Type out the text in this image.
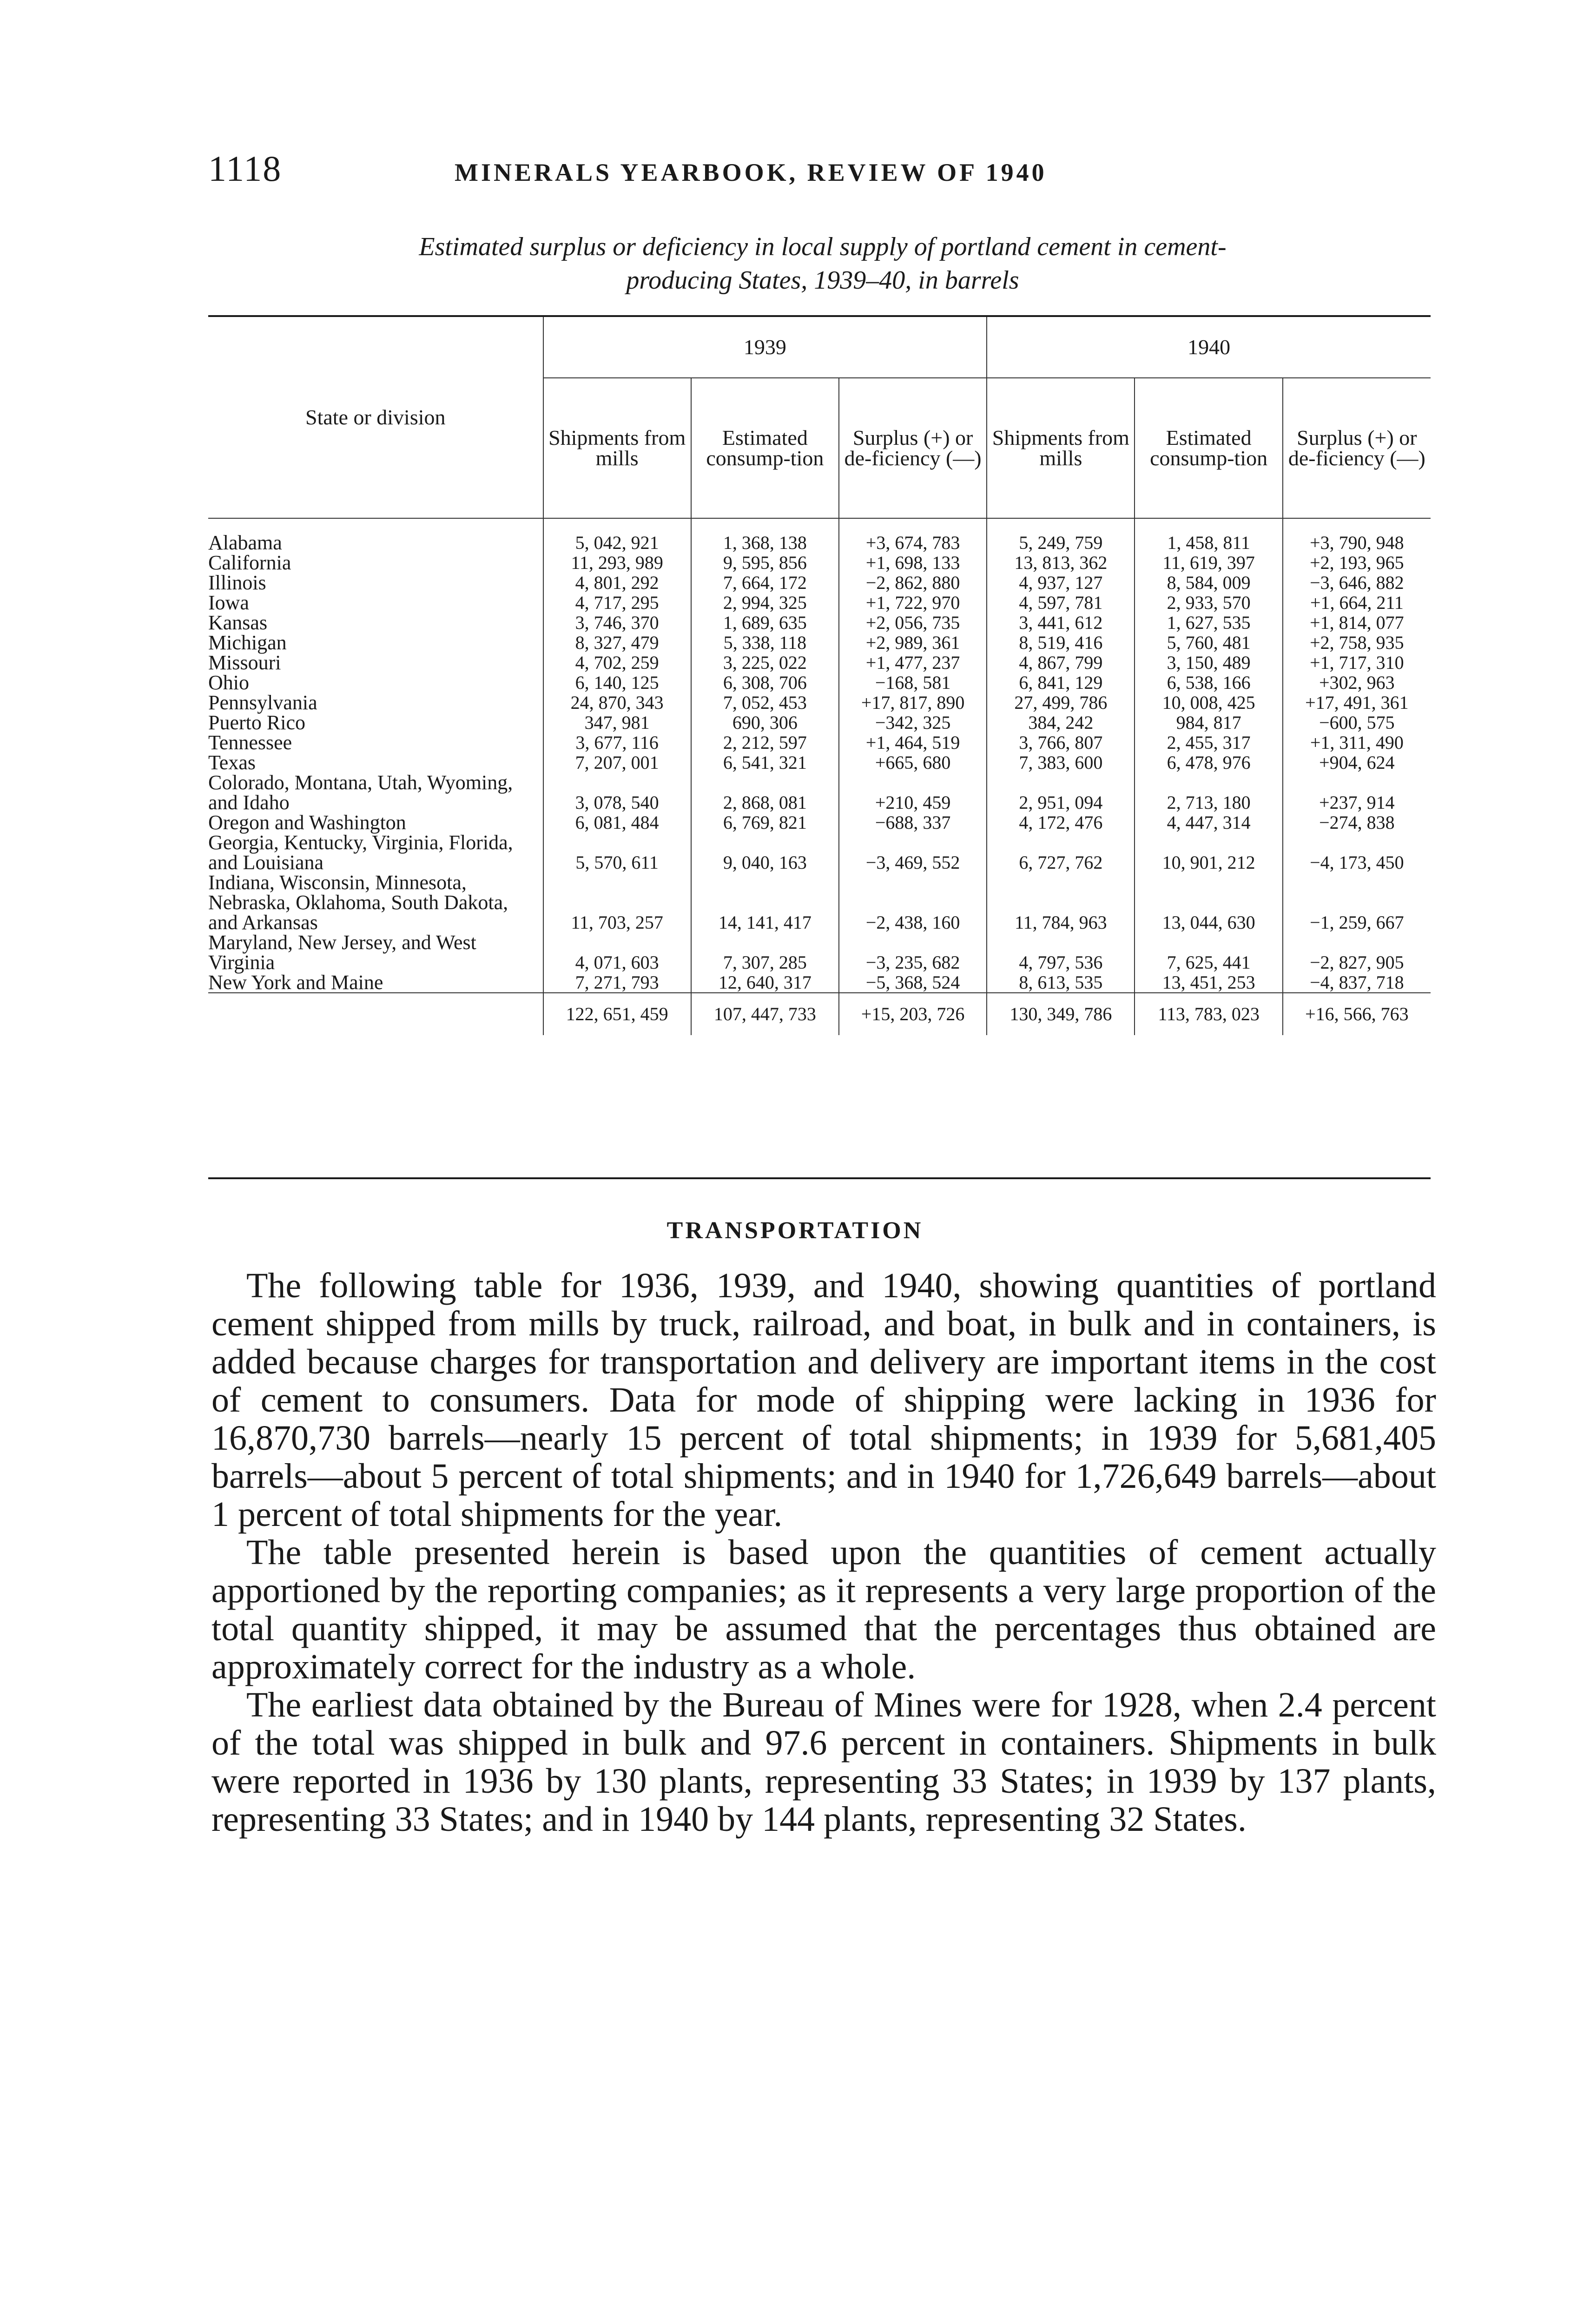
1118	MINERALS YEARBOOK, REVIEW OF 1940
Estimated surplus or deficiency in local supply of portland cement in cement-
producing States, 1939–40, in barrels
State or division	1939			1940		
	Shipments from mills	Estimated consump-tion	Surplus (+) or de-ficiency (—)	Shipments from mills	Estimated consump-tion	Surplus (+) or de-ficiency (—)
Alabama	5, 042, 921	1, 368, 138	+3, 674, 783	5, 249, 759	1, 458, 811	+3, 790, 948
California	11, 293, 989	9, 595, 856	+1, 698, 133	13, 813, 362	11, 619, 397	+2, 193, 965
Illinois	4, 801, 292	7, 664, 172	−2, 862, 880	4, 937, 127	8, 584, 009	−3, 646, 882
Iowa	4, 717, 295	2, 994, 325	+1, 722, 970	4, 597, 781	2, 933, 570	+1, 664, 211
Kansas	3, 746, 370	1, 689, 635	+2, 056, 735	3, 441, 612	1, 627, 535	+1, 814, 077
Michigan	8, 327, 479	5, 338, 118	+2, 989, 361	8, 519, 416	5, 760, 481	+2, 758, 935
Missouri	4, 702, 259	3, 225, 022	+1, 477, 237	4, 867, 799	3, 150, 489	+1, 717, 310
Ohio	6, 140, 125	6, 308, 706	−168, 581	6, 841, 129	6, 538, 166	+302, 963
Pennsylvania	24, 870, 343	7, 052, 453	+17, 817, 890	27, 499, 786	10, 008, 425	+17, 491, 361
Puerto Rico	347, 981	690, 306	−342, 325	384, 242	984, 817	−600, 575
Tennessee	3, 677, 116	2, 212, 597	+1, 464, 519	3, 766, 807	2, 455, 317	+1, 311, 490
Texas	7, 207, 001	6, 541, 321	+665, 680	7, 383, 600	6, 478, 976	+904, 624
Colorado, Montana, Utah, Wyoming, and Idaho	3, 078, 540	2, 868, 081	+210, 459	2, 951, 094	2, 713, 180	+237, 914
Oregon and Washington	6, 081, 484	6, 769, 821	−688, 337	4, 172, 476	4, 447, 314	−274, 838
Georgia, Kentucky, Virginia, Florida, and Louisiana	5, 570, 611	9, 040, 163	−3, 469, 552	6, 727, 762	10, 901, 212	−4, 173, 450
Indiana, Wisconsin, Minnesota, Nebraska, Oklahoma, South Dakota, and Arkansas	11, 703, 257	14, 141, 417	−2, 438, 160	11, 784, 963	13, 044, 630	−1, 259, 667
Maryland, New Jersey, and West Virginia	4, 071, 603	7, 307, 285	−3, 235, 682	4, 797, 536	7, 625, 441	−2, 827, 905
New York and Maine	7, 271, 793	12, 640, 317	−5, 368, 524	8, 613, 535	13, 451, 253	−4, 837, 718
	122, 651, 459	107, 447, 733	+15, 203, 726	130, 349, 786	113, 783, 023	+16, 566, 763
TRANSPORTATION

The following table for 1936, 1939, and 1940, showing quantities of portland cement shipped from mills by truck, railroad, and boat, in bulk and in containers, is added because charges for transportation and delivery are important items in the cost of cement to consumers. Data for mode of shipping were lacking in 1936 for 16,870,730 barrels—nearly 15 percent of total shipments; in 1939 for 5,681,405 barrels—about 5 percent of total shipments; and in 1940 for 1,726,649 barrels—about 1 percent of total shipments for the year.

The table presented herein is based upon the quantities of cement actually apportioned by the reporting companies; as it represents a very large proportion of the total quantity shipped, it may be assumed that the percentages thus obtained are approximately correct for the industry as a whole.

The earliest data obtained by the Bureau of Mines were for 1928, when 2.4 percent of the total was shipped in bulk and 97.6 percent in containers. Shipments in bulk were reported in 1936 by 130 plants, representing 33 States; in 1939 by 137 plants, representing 33 States; and in 1940 by 144 plants, representing 32 States.
